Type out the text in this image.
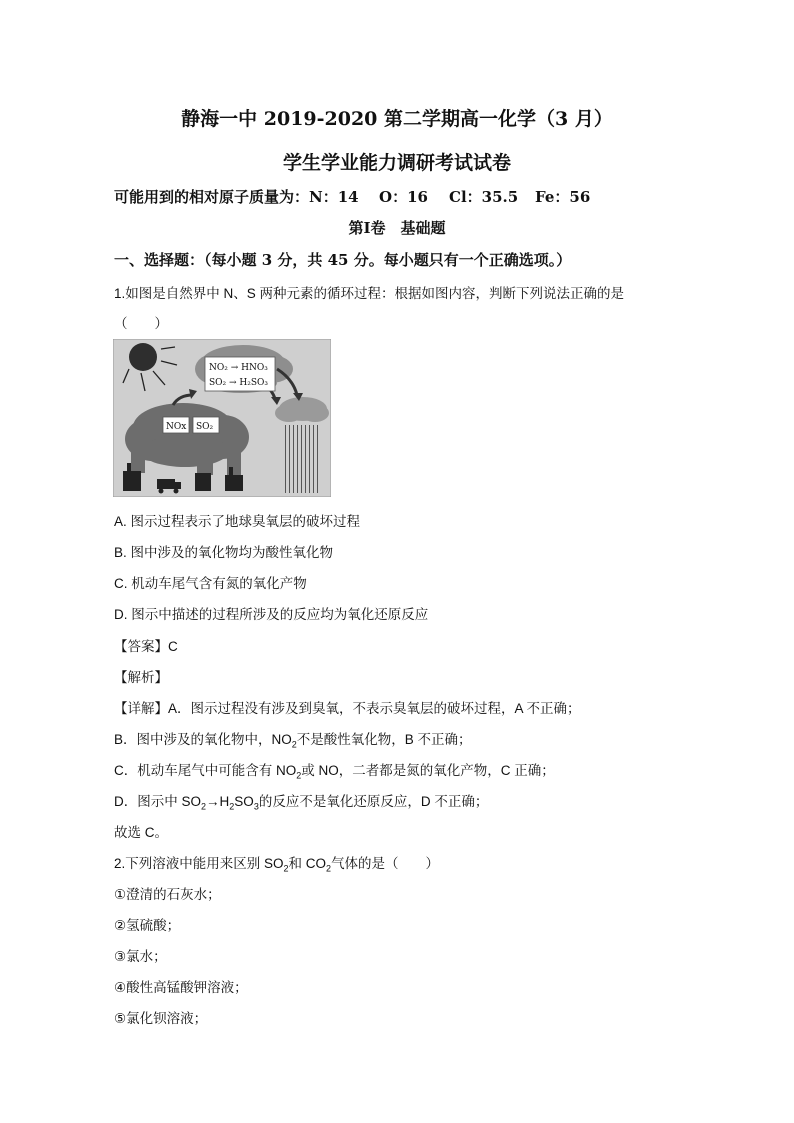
静海一中 2019-2020 第二学期高一化学（3 月）
学生学业能力调研考试试卷
可能用到的相对原子质量为：N：14 O：16 Cl：35.5 Fe：56
第Ⅰ卷　基础题
一、选择题：（每小题 3 分，共 45 分。每小题只有一个正确选项。）
1.如图是自然界中 N、S 两种元素的循环过程：根据如图内容，判断下列说法正确的是
（　　）
NO₂ → HNO₃
SO₂ → H₂SO₃
NOx SO₂
A. 图示过程表示了地球臭氧层的破坏过程
B. 图中涉及的氧化物均为酸性氧化物
C. 机动车尾气含有氮的氧化产物
D. 图示中描述的过程所涉及的反应均为氧化还原反应
【答案】C
【解析】
【详解】A．图示过程没有涉及到臭氧，不表示臭氧层的破坏过程，A 不正确；
B．图中涉及的氧化物中，$NO_2$不是酸性氧化物，B 不正确；
C．机动车尾气中可能含有 $NO_2$或 NO，二者都是氮的氧化产物，C 正确；
D．图示中 $SO_2\to H_2SO_3$的反应不是氧化还原反应，D 不正确；
故选 C。
2.下列溶液中能用来区别 $SO_2$和 $CO_2$气体的是（　　）
①澄清的石灰水；
②氢硫酸；
③氯水；
④酸性高锰酸钾溶液；
⑤氯化钡溶液；
